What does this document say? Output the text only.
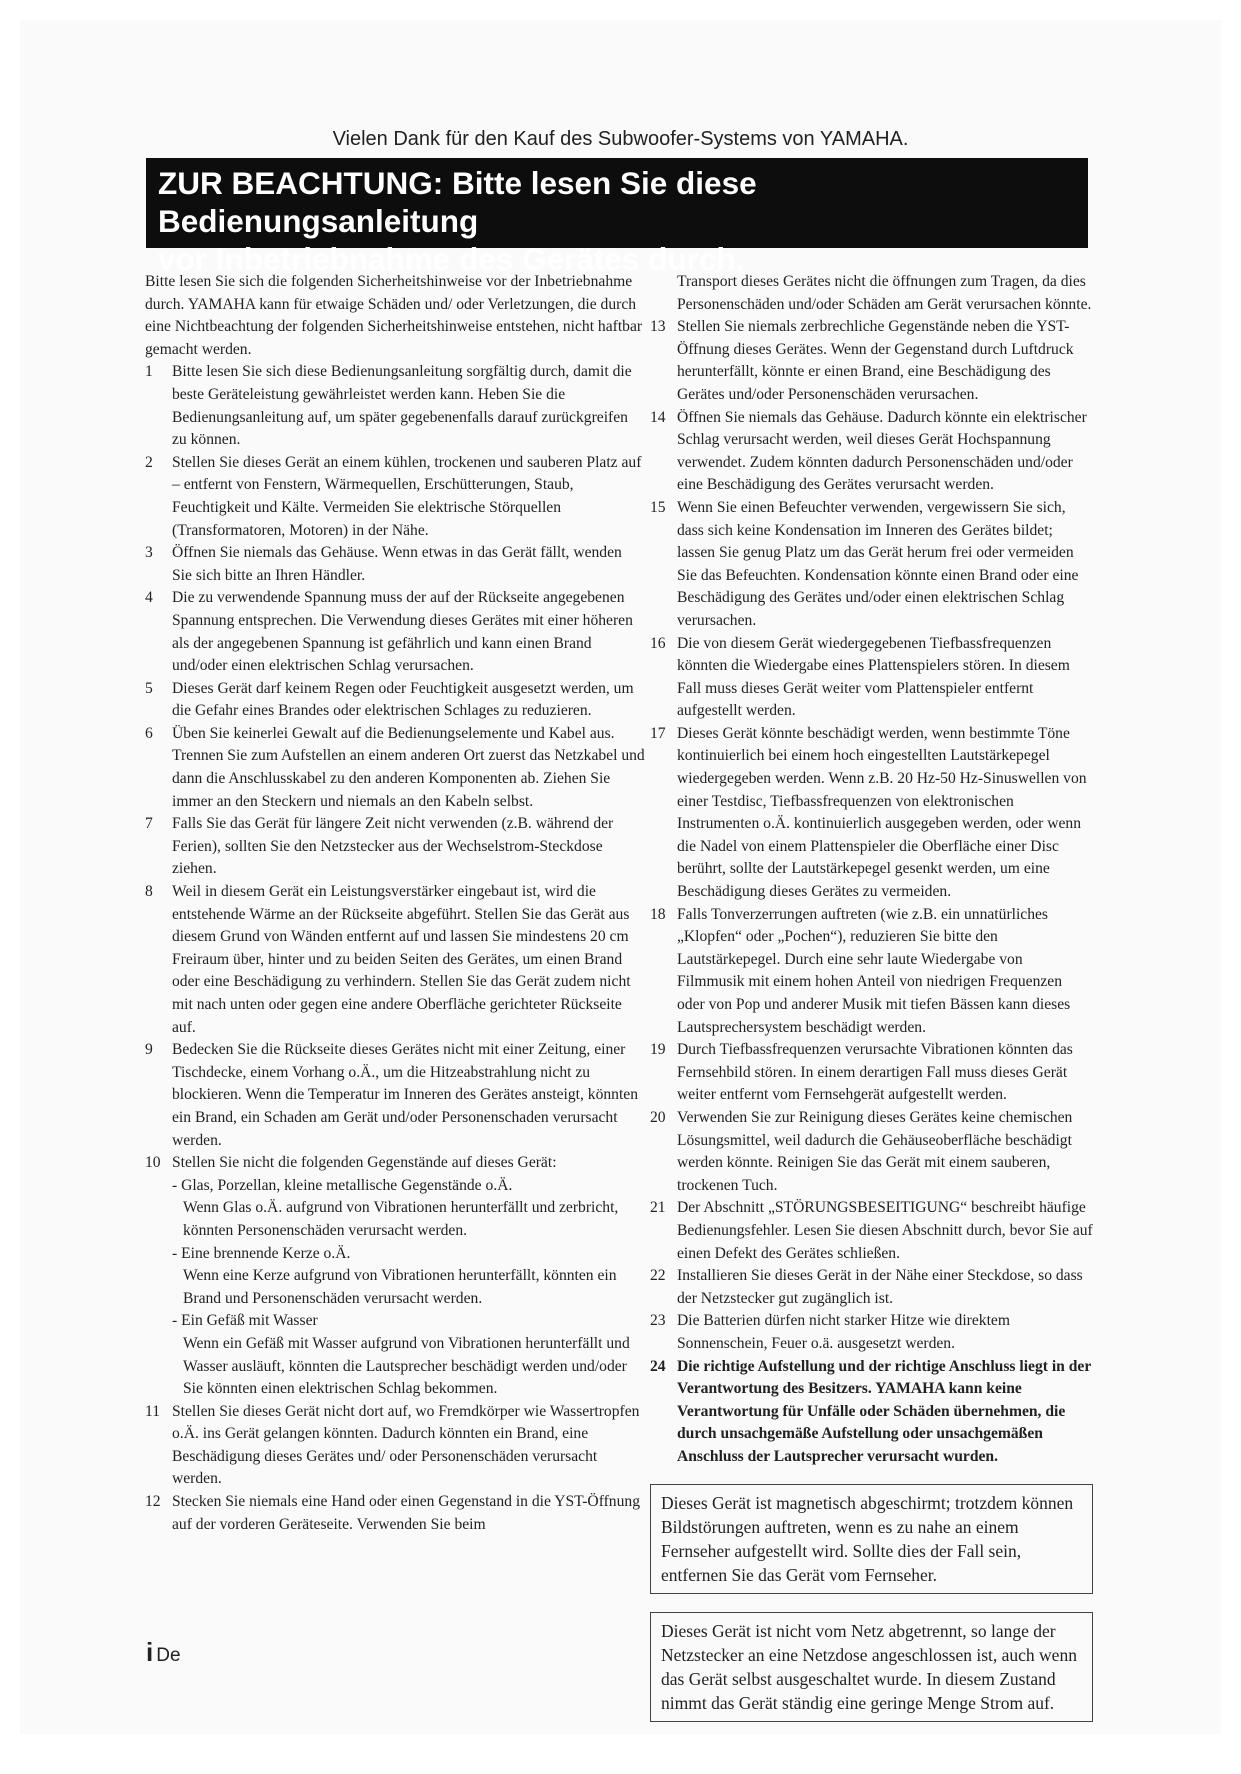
Vielen Dank für den Kauf des Subwoofer-Systems von YAMAHA.
ZUR BEACHTUNG: Bitte lesen Sie diese Bedienungsanleitung
vor Inbetriebnahme des Gerätes durch.

Bitte lesen Sie sich die folgenden Sicherheitshinweise vor der Inbetriebnahme durch. YAMAHA kann für etwaige Schäden und/ oder Verletzungen, die durch eine Nichtbeachtung der folgenden Sicherheitshinweise entstehen, nicht haftbar gemacht werden.

1 Bitte lesen Sie sich diese Bedienungsanleitung sorgfältig durch, damit die beste Geräteleistung gewährleistet werden kann. Heben Sie die Bedienungsanleitung auf, um später gegebenenfalls darauf zurückgreifen zu können.
2 Stellen Sie dieses Gerät an einem kühlen, trockenen und sauberen Platz auf – entfernt von Fenstern, Wärmequellen, Erschütterungen, Staub, Feuchtigkeit und Kälte. Vermeiden Sie elektrische Störquellen (Transformatoren, Motoren) in der Nähe.
3 Öffnen Sie niemals das Gehäuse. Wenn etwas in das Gerät fällt, wenden Sie sich bitte an Ihren Händler.
4 Die zu verwendende Spannung muss der auf der Rückseite angegebenen Spannung entsprechen. Die Verwendung dieses Gerätes mit einer höheren als der angegebenen Spannung ist gefährlich und kann einen Brand und/oder einen elektrischen Schlag verursachen.
5 Dieses Gerät darf keinem Regen oder Feuchtigkeit ausgesetzt werden, um die Gefahr eines Brandes oder elektrischen Schlages zu reduzieren.
6 Üben Sie keinerlei Gewalt auf die Bedienungselemente und Kabel aus. Trennen Sie zum Aufstellen an einem anderen Ort zuerst das Netzkabel und dann die Anschlusskabel zu den anderen Komponenten ab. Ziehen Sie immer an den Steckern und niemals an den Kabeln selbst.
7 Falls Sie das Gerät für längere Zeit nicht verwenden (z.B. während der Ferien), sollten Sie den Netzstecker aus der Wechselstrom-Steckdose ziehen.
8 Weil in diesem Gerät ein Leistungsverstärker eingebaut ist, wird die entstehende Wärme an der Rückseite abgeführt. Stellen Sie das Gerät aus diesem Grund von Wänden entfernt auf und lassen Sie mindestens 20 cm Freiraum über, hinter und zu beiden Seiten des Gerätes, um einen Brand oder eine Beschädigung zu verhindern. Stellen Sie das Gerät zudem nicht mit nach unten oder gegen eine andere Oberfläche gerichteter Rückseite auf.
9 Bedecken Sie die Rückseite dieses Gerätes nicht mit einer Zeitung, einer Tischdecke, einem Vorhang o.Ä., um die Hitzeabstrahlung nicht zu blockieren. Wenn die Temperatur im Inneren des Gerätes ansteigt, könnten ein Brand, ein Schaden am Gerät und/oder Personenschaden verursacht werden.
10 Stellen Sie nicht die folgenden Gegenstände auf dieses Gerät:
- Glas, Porzellan, kleine metallische Gegenstände o.Ä.
Wenn Glas o.Ä. aufgrund von Vibrationen herunterfällt und zerbricht, könnten Personenschäden verursacht werden.
- Eine brennende Kerze o.Ä.
Wenn eine Kerze aufgrund von Vibrationen herunterfällt, könnten ein Brand und Personenschäden verursacht werden.
- Ein Gefäß mit Wasser
Wenn ein Gefäß mit Wasser aufgrund von Vibrationen herunterfällt und Wasser ausläuft, könnten die Lautsprecher beschädigt werden und/oder Sie könnten einen elektrischen Schlag bekommen.
11 Stellen Sie dieses Gerät nicht dort auf, wo Fremdkörper wie Wassertropfen o.Ä. ins Gerät gelangen könnten. Dadurch könnten ein Brand, eine Beschädigung dieses Gerätes und/ oder Personenschäden verursacht werden.
12 Stecken Sie niemals eine Hand oder einen Gegenstand in die YST-Öffnung auf der vorderen Geräteseite. Verwenden Sie beim
Transport dieses Gerätes nicht die öffnungen zum Tragen, da dies Personenschäden und/oder Schäden am Gerät verursachen könnte.
13 Stellen Sie niemals zerbrechliche Gegenstände neben die YST-Öffnung dieses Gerätes. Wenn der Gegenstand durch Luftdruck herunterfällt, könnte er einen Brand, eine Beschädigung des Gerätes und/oder Personenschäden verursachen.
14 Öffnen Sie niemals das Gehäuse. Dadurch könnte ein elektrischer Schlag verursacht werden, weil dieses Gerät Hochspannung verwendet. Zudem könnten dadurch Personenschäden und/oder eine Beschädigung des Gerätes verursacht werden.
15 Wenn Sie einen Befeuchter verwenden, vergewissern Sie sich, dass sich keine Kondensation im Inneren des Gerätes bildet; lassen Sie genug Platz um das Gerät herum frei oder vermeiden Sie das Befeuchten. Kondensation könnte einen Brand oder eine Beschädigung des Gerätes und/oder einen elektrischen Schlag verursachen.
16 Die von diesem Gerät wiedergegebenen Tiefbassfrequenzen könnten die Wiedergabe eines Plattenspielers stören. In diesem Fall muss dieses Gerät weiter vom Plattenspieler entfernt aufgestellt werden.
17 Dieses Gerät könnte beschädigt werden, wenn bestimmte Töne kontinuierlich bei einem hoch eingestellten Lautstärkepegel wiedergegeben werden. Wenn z.B. 20 Hz-50 Hz-Sinuswellen von einer Testdisc, Tiefbassfrequenzen von elektronischen Instrumenten o.Ä. kontinuierlich ausgegeben werden, oder wenn die Nadel von einem Plattenspieler die Oberfläche einer Disc berührt, sollte der Lautstärkepegel gesenkt werden, um eine Beschädigung dieses Gerätes zu vermeiden.
18 Falls Tonverzerrungen auftreten (wie z.B. ein unnatürliches „Klopfen“ oder „Pochen“), reduzieren Sie bitte den Lautstärkepegel. Durch eine sehr laute Wiedergabe von Filmmusik mit einem hohen Anteil von niedrigen Frequenzen oder von Pop und anderer Musik mit tiefen Bässen kann dieses Lautsprechersystem beschädigt werden.
19 Durch Tiefbassfrequenzen verursachte Vibrationen könnten das Fernsehbild stören. In einem derartigen Fall muss dieses Gerät weiter entfernt vom Fernsehgerät aufgestellt werden.
20 Verwenden Sie zur Reinigung dieses Gerätes keine chemischen Lösungsmittel, weil dadurch die Gehäuseoberfläche beschädigt werden könnte. Reinigen Sie das Gerät mit einem sauberen, trockenen Tuch.
21 Der Abschnitt „STÖRUNGSBESEITIGUNG“ beschreibt häufige Bedienungsfehler. Lesen Sie diesen Abschnitt durch, bevor Sie auf einen Defekt des Gerätes schließen.
22 Installieren Sie dieses Gerät in der Nähe einer Steckdose, so dass der Netzstecker gut zugänglich ist.
23 Die Batterien dürfen nicht starker Hitze wie direktem Sonnenschein, Feuer o.ä. ausgesetzt werden.
24 Die richtige Aufstellung und der richtige Anschluss liegt in der Verantwortung des Besitzers. YAMAHA kann keine Verantwortung für Unfälle oder Schäden übernehmen, die durch unsachgemäße Aufstellung oder unsachgemäßen Anschluss der Lautsprecher verursacht wurden.
Dieses Gerät ist magnetisch abgeschirmt; trotzdem können Bildstörungen auftreten, wenn es zu nahe an einem Fernseher aufgestellt wird. Sollte dies der Fall sein, entfernen Sie das Gerät vom Fernseher.
Dieses Gerät ist nicht vom Netz abgetrennt, so lange der Netzstecker an eine Netzdose angeschlossen ist, auch wenn das Gerät selbst ausgeschaltet wurde. In diesem Zustand nimmt das Gerät ständig eine geringe Menge Strom auf.
i De
